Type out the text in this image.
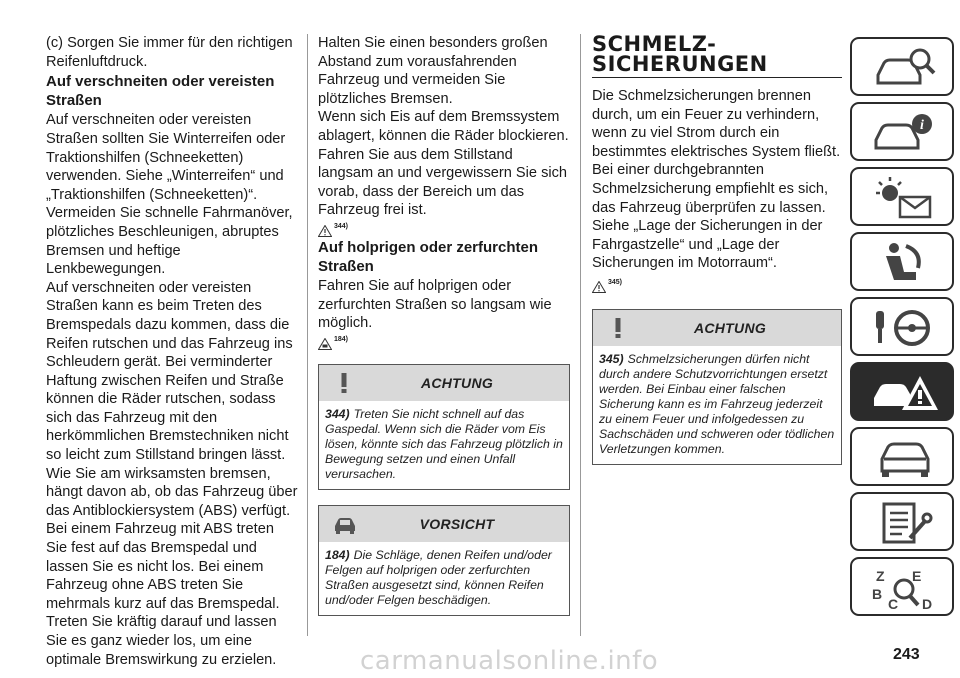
(c) Sorgen Sie immer für den richtigen Reifenluftdruck.
Auf verschneiten oder vereisten Straßen
Auf verschneiten oder vereisten Straßen sollten Sie Winterreifen oder Traktionshilfen (Schneeketten) verwenden. Siehe „Winterreifen“ und „Traktionshilfen (Schneeketten)“.
Vermeiden Sie schnelle Fahrmanöver, plötzliches Beschleunigen, abruptes Bremsen und heftige Lenkbewegungen.
Auf verschneiten oder vereisten Straßen kann es beim Treten des Bremspedals dazu kommen, dass die Reifen rutschen und das Fahrzeug ins Schleudern gerät. Bei verminderter Haftung zwischen Reifen und Straße können die Räder rutschen, sodass sich das Fahrzeug mit den herkömmlichen Bremstechniken nicht so leicht zum Stillstand bringen lässt.
Wie Sie am wirksamsten bremsen, hängt davon ab, ob das Fahrzeug über das Antiblockiersystem (ABS) verfügt.
Bei einem Fahrzeug mit ABS treten Sie fest auf das Bremspedal und lassen Sie es nicht los. Bei einem Fahrzeug ohne ABS treten Sie mehrmals kurz auf das Bremspedal. Treten Sie kräftig darauf und lassen Sie es ganz wieder los, um eine optimale Bremswirkung zu erzielen.
Halten Sie einen besonders großen Abstand zum vorausfahrenden Fahrzeug und vermeiden Sie plötzliches Bremsen.
Wenn sich Eis auf dem Bremssystem ablagert, können die Räder blockieren.
Fahren Sie aus dem Stillstand langsam an und vergewissern Sie sich vorab, dass der Bereich um das Fahrzeug frei ist.
344)
Auf holprigen oder zerfurchten Straßen
Fahren Sie auf holprigen oder zerfurchten Straßen so langsam wie möglich.
184)
ACHTUNG
344) Treten Sie nicht schnell auf das Gaspedal. Wenn sich die Räder vom Eis lösen, könnte sich das Fahrzeug plötzlich in Bewegung setzen und einen Unfall verursachen.
VORSICHT
184) Die Schläge, denen Reifen und/oder Felgen auf holprigen oder zerfurchten Straßen ausgesetzt sind, können Reifen und/oder Felgen beschädigen.
SCHMELZ-
SICHERUNGEN
Die Schmelzsicherungen brennen durch, um ein Feuer zu verhindern, wenn zu viel Strom durch ein bestimmtes elektrisches System fließt. Bei einer durchgebrannten Schmelzsicherung empfiehlt es sich, das Fahrzeug überprüfen zu lassen. Siehe „Lage der Sicherungen in der Fahrgastzelle“ und „Lage der Sicherungen im Motorraum“.
345)
ACHTUNG
345) Schmelzsicherungen dürfen nicht durch andere Schutzvorrichtungen ersetzt werden. Bei Einbau einer falschen Sicherung kann es im Fahrzeug jederzeit zu einem Feuer und infolgedessen zu Sachschäden und schweren oder tödlichen Verletzungen kommen.
i
Z E
B
C D
carmanualsonline.info	243
